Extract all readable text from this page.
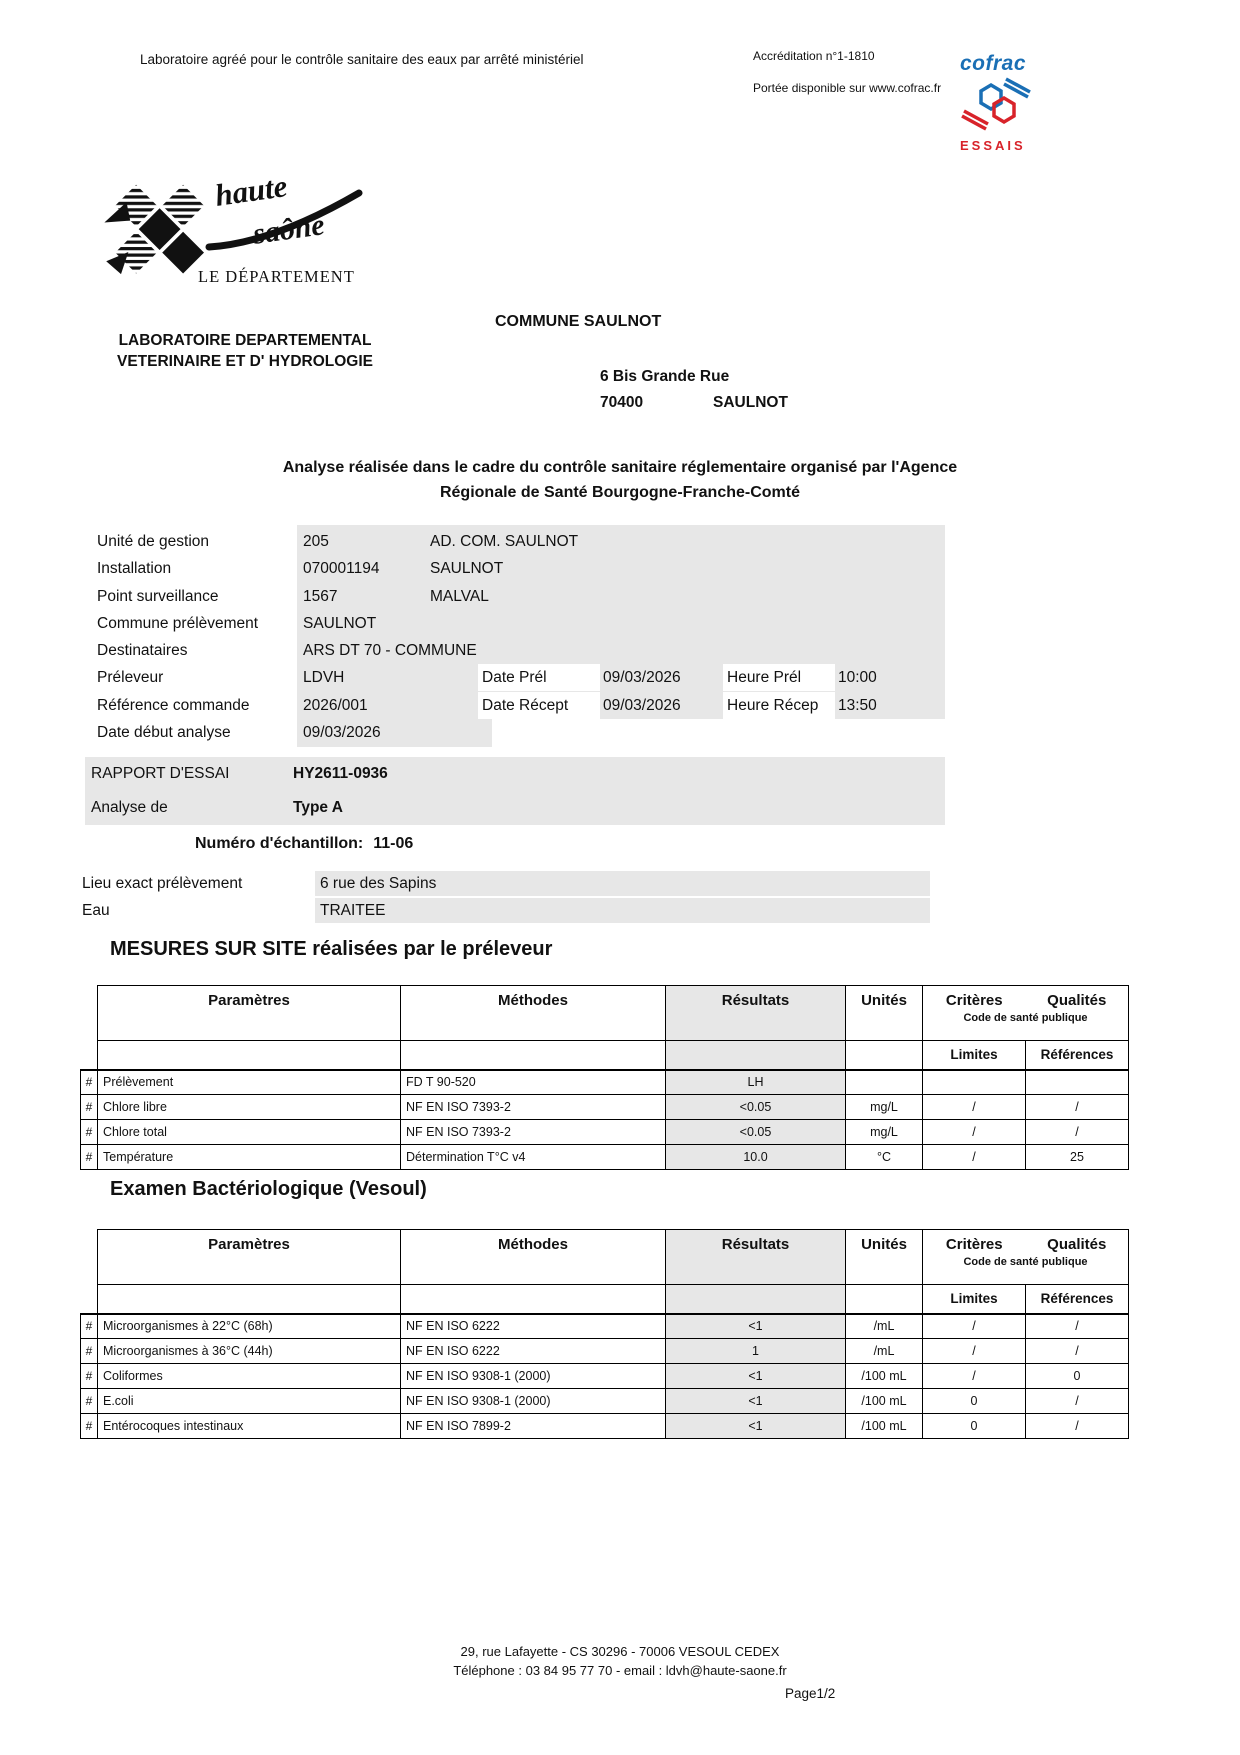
Laboratoire agréé pour le contrôle sanitaire des eaux par arrêté ministériel	Accréditation n°1-1810
Portée disponible sur www.cofrac.fr
cofrac
ESSAIS
haute
saône
LE DÉPARTEMENT
LABORATOIRE DEPARTEMENTAL
VETERINAIRE ET D' HYDROLOGIE
COMMUNE SAULNOT
6 Bis Grande Rue
70400	SAULNOT
Analyse réalisée dans le cadre du contrôle sanitaire réglementaire organisé par l'Agence
Régionale de Santé Bourgogne-Franche-Comté
Unité de gestion	205	AD. COM. SAULNOT
Installation	070001194	SAULNOT
Point surveillance	1567	MALVAL
Commune prélèvement	SAULNOT
Destinataires	ARS DT 70 - COMMUNE
Préleveur	LDVH	Date Prél	09/03/2026	Heure Prél 10:00
Référence commande	2026/001	Date Récept 09/03/2026	Heure Récep 13:50
Date début analyse	09/03/2026
RAPPORT D'ESSAI	HY2611-0936
Analyse de	Type A
Numéro d'échantillon: 11-06
Lieu exact prélèvement	6 rue des Sapins
Eau	TRAITEE
MESURES SUR SITE réalisées par le préleveur
	Paramètres	Méthodes	Résultats	Unités	Critères Qualités
Code de santé publique	

					Limites	Références
#	Prélèvement	FD T 90-520	LH			
#	Chlore libre	NF EN ISO 7393-2	<0.05	mg/L	/	/
#	Chlore total	NF EN ISO 7393-2	<0.05	mg/L	/	/
#	Température	Détermination T°C v4	10.0	°C	/	25
Examen Bactériologique (Vesoul)
	Paramètres	Méthodes	Résultats	Unités	Critères Qualités
Code de santé publique	

					Limites	Références
#	Microorganismes à 22°C (68h)	NF EN ISO 6222	<1	/mL	/	/
#	Microorganismes à 36°C (44h)	NF EN ISO 6222	1	/mL	/	/
#	Coliformes	NF EN ISO 9308-1 (2000)	<1	/100 mL	/	0
#	E.coli	NF EN ISO 9308-1 (2000)	<1	/100 mL	0	/
#	Entérocoques intestinaux	NF EN ISO 7899-2	<1	/100 mL	0	/
29, rue Lafayette - CS 30296 - 70006 VESOUL CEDEX
Téléphone : 03 84 95 77 70 - email : ldvh@haute-saone.fr
Page1/2
